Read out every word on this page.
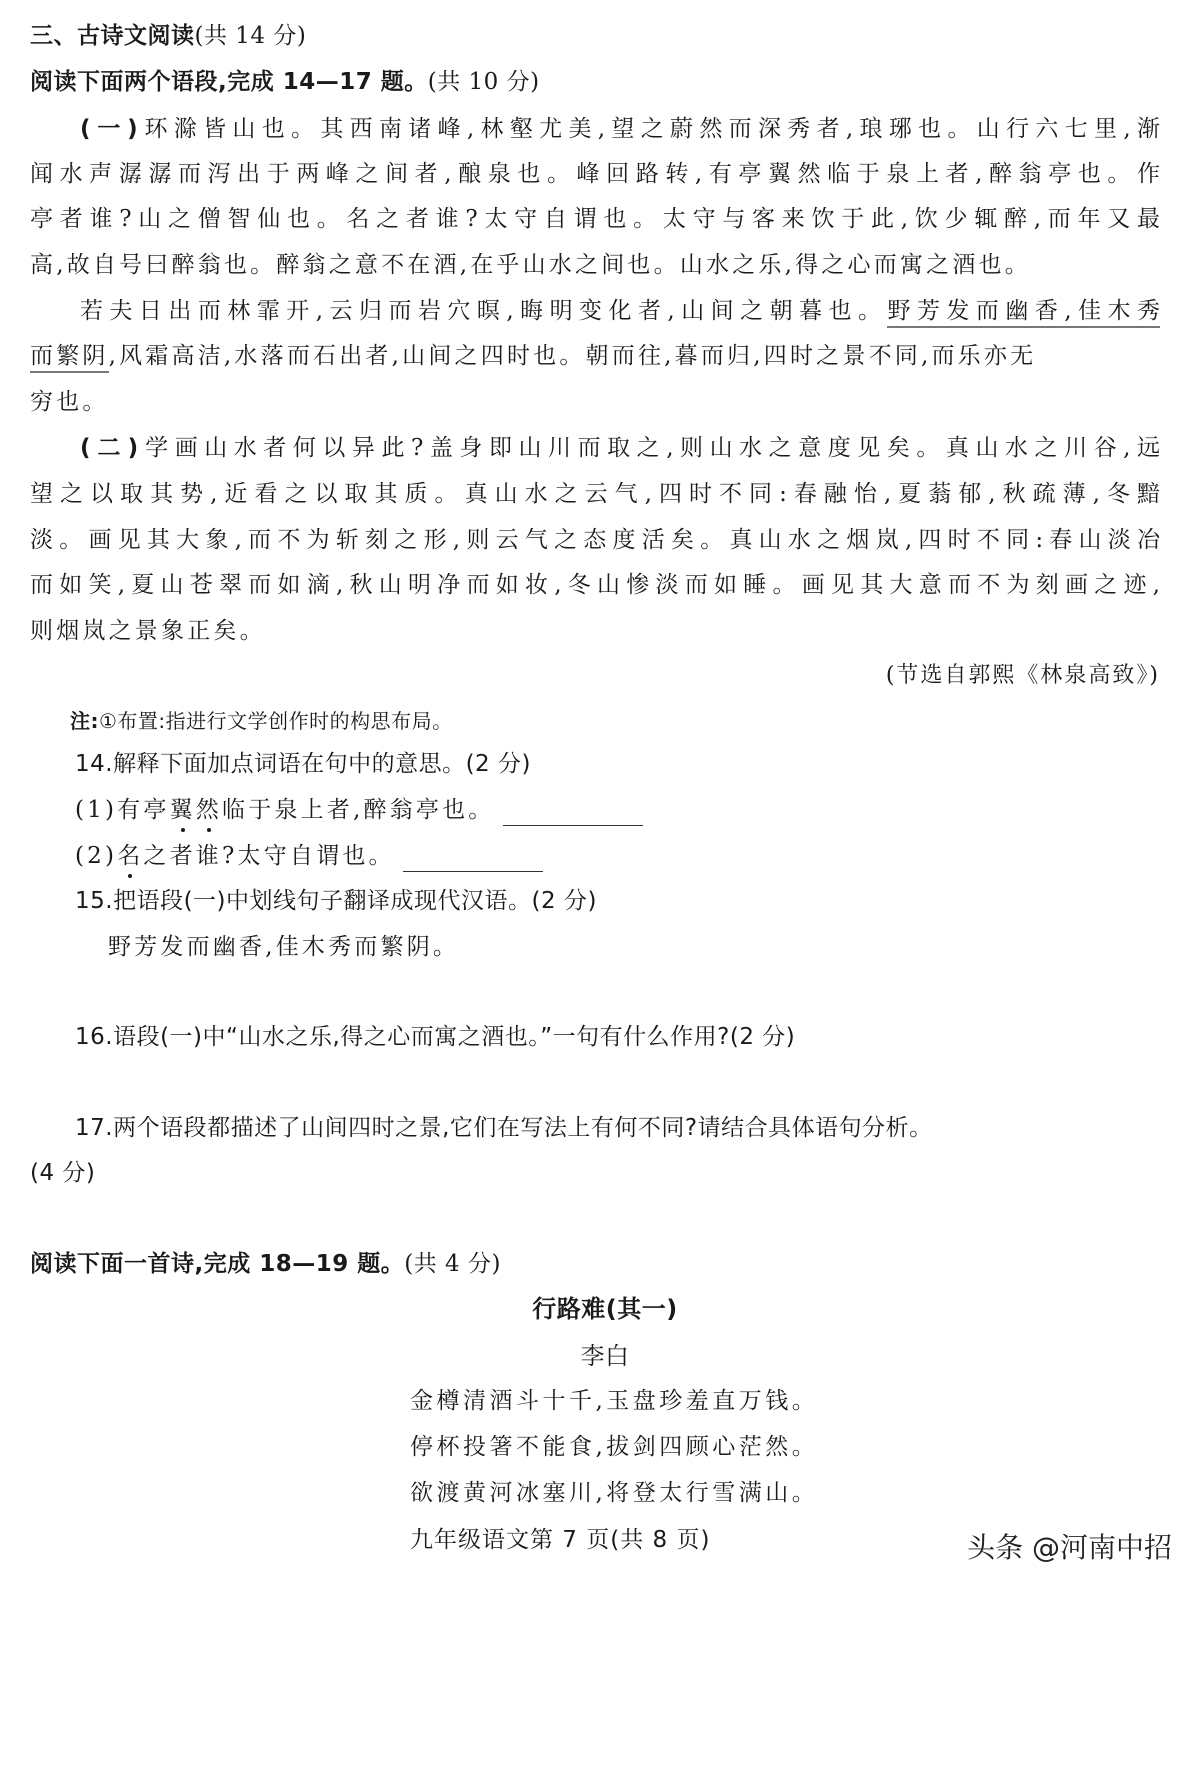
三、古诗文阅读(共 14 分)
阅读下面两个语段,完成 14—17 题。(共 10 分)
(一)环滁皆山也。其西南诸峰,林壑尤美,望之蔚然而深秀者,琅琊也。山行六七里,渐
闻水声潺潺而泻出于两峰之间者,酿泉也。峰回路转,有亭翼然临于泉上者,醉翁亭也。作
亭者谁?山之僧智仙也。名之者谁?太守自谓也。太守与客来饮于此,饮少辄醉,而年又最
高,故自号曰醉翁也。醉翁之意不在酒,在乎山水之间也。山水之乐,得之心而寓之酒也。
若夫日出而林霏开,云归而岩穴暝,晦明变化者,山间之朝暮也。野芳发而幽香,佳木秀
而繁阴,风霜高洁,水落而石出者,山间之四时也。朝而往,暮而归,四时之景不同,而乐亦无
穷也。
(二)学画山水者何以异此?盖身即山川而取之,则山水之意度见矣。真山水之川谷,远
望之以取其势,近看之以取其质。真山水之云气,四时不同:春融怡,夏蓊郁,秋疏薄,冬黯
淡。画见其大象,而不为斩刻之形,则云气之态度活矣。真山水之烟岚,四时不同:春山淡冶
而如笑,夏山苍翠而如滴,秋山明净而如妆,冬山惨淡而如睡。画见其大意而不为刻画之迹,
则烟岚之景象正矣。
(节选自郭熙《林泉高致》)
注:①布置:指进行文学创作时的构思布局。
14.解释下面加点词语在句中的意思。(2 分)
(1)有亭翼然临于泉上者,醉翁亭也。
(2)名之者谁?太守自谓也。
15.把语段(一)中划线句子翻译成现代汉语。(2 分)
野芳发而幽香,佳木秀而繁阴。
16.语段(一)中“山水之乐,得之心而寓之酒也。”一句有什么作用?(2 分)
17.两个语段都描述了山间四时之景,它们在写法上有何不同?请结合具体语句分析。
(4 分)
阅读下面一首诗,完成 18—19 题。(共 4 分)
行路难(其一)
李白
金樽清酒斗十千,玉盘珍羞直万钱。
停杯投箸不能食,拔剑四顾心茫然。
欲渡黄河冰塞川,将登太行雪满山。
九年级语文第 7 页(共 8 页)	头条 @河南中招
